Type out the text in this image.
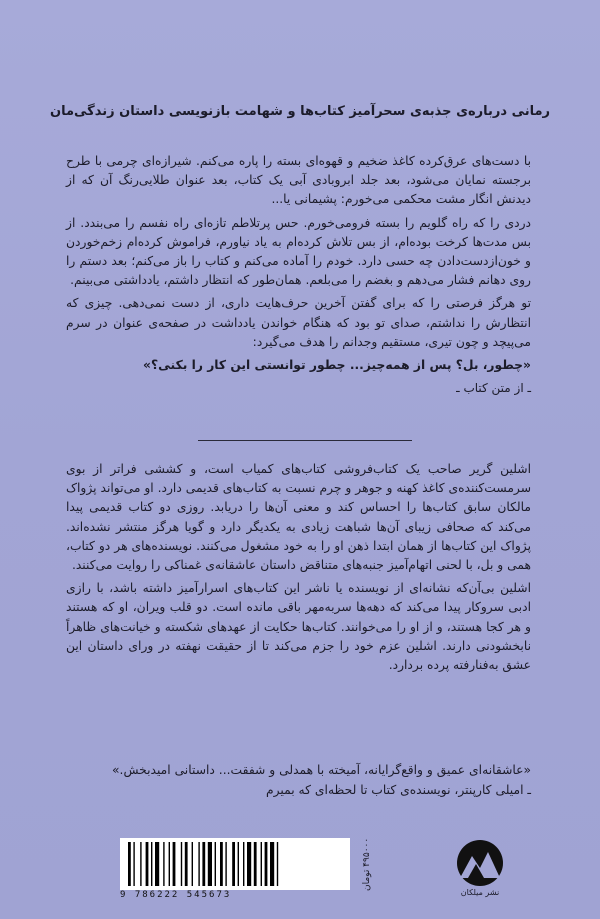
رمانی درباره‌ی جذبه‌ی سحرآمیز کتاب‌ها و شهامت بازنویسی داستان زندگی‌مان

با دست‌های عرق‌کرده کاغذ ضخیم و قهوه‌ای بسته را پاره می‌کنم. شیرازه‌ای چرمی با طرح برجسته نمایان می‌شود، بعد جلد ابروبادی آبی یک کتاب، بعد عنوان طلایی‌رنگ آن که از دیدنش انگار مشت محکمی می‌خورم: پشیمانی یا...

دردی را که راه گلویم را بسته فرومی‌خورم. حس پرتلاطم تازه‌ای راه نفسم را می‌بندد. از بس مدت‌ها کرخت بوده‌ام، از بس تلاش کرده‌ام به یاد نیاورم، فراموش کرده‌ام زخم‌خوردن و خون‌ازدست‌دادن چه حسی دارد. خودم را آماده می‌کنم و کتاب را باز می‌کنم؛ بعد دستم را روی دهانم فشار می‌دهم و بغضم را می‌بلعم. همان‌طور که انتظار داشتم، یادداشتی می‌بینم.

تو هرگز فرصتی را که برای گفتن آخرین حرف‌هایت داری، از دست نمی‌دهی. چیزی که انتظارش را نداشتم، صدای تو بود که هنگام خواندن یادداشت در صفحه‌ی عنوان در سرم می‌پیچد و چون تیری، مستقیم وجدانم را هدف می‌گیرد:

«چطور، بل؟ پس از همه‌چیز... چطور توانستی این کار را بکنی؟»

ـ از متن کتاب ـ

اشلین گریر صاحب یک کتاب‌فروشی کتاب‌های کمیاب است، و کششی فراتر از بوی سرمست‌کننده‌ی کاغذ کهنه و جوهر و چرم نسبت به کتاب‌های قدیمی دارد. او می‌تواند پژواک مالکان سابق کتاب‌ها را احساس کند و معنی آن‌ها را دریابد. روزی دو کتاب قدیمی پیدا می‌کند که صحافی زیبای آن‌ها شباهت زیادی به یکدیگر دارد و گویا هرگز منتشر نشده‌اند. پژواک این کتاب‌ها از همان ابتدا ذهن او را به خود مشغول می‌کنند. نویسنده‌های هر دو کتاب، همی و بل، با لحنی اتهام‌آمیز جنبه‌های متناقض داستان عاشقانه‌ی غمناکی را روایت می‌کنند.

اشلین بی‌آن‌که نشانه‌ای از نویسنده یا ناشر این کتاب‌های اسرارآمیز داشته باشد، با رازی ادبی سروکار پیدا می‌کند که دهه‌ها سربه‌مهر باقی مانده است. دو قلب ویران، او که هستند و هر کجا هستند، و از او را می‌خوانند. کتاب‌ها حکایت از عهدهای شکسته و خیانت‌های ظاهراً نابخشودنی دارند. اشلین عزم خود را جزم می‌کند تا از حقیقت نهفته در ورای داستان این عشق به‌فنارفته پرده بردارد.

«عاشقانه‌ای عمیق و واقع‌گرایانه، آمیخته با همدلی و شفقت... داستانی امیدبخش.»
ـ امیلی کارپنتر، نویسنده‌ی کتاب تا لحظه‌ای که بمیرم
9 786222 545673
۴۹۵۰۰۰ تومان
نشر میلکان
